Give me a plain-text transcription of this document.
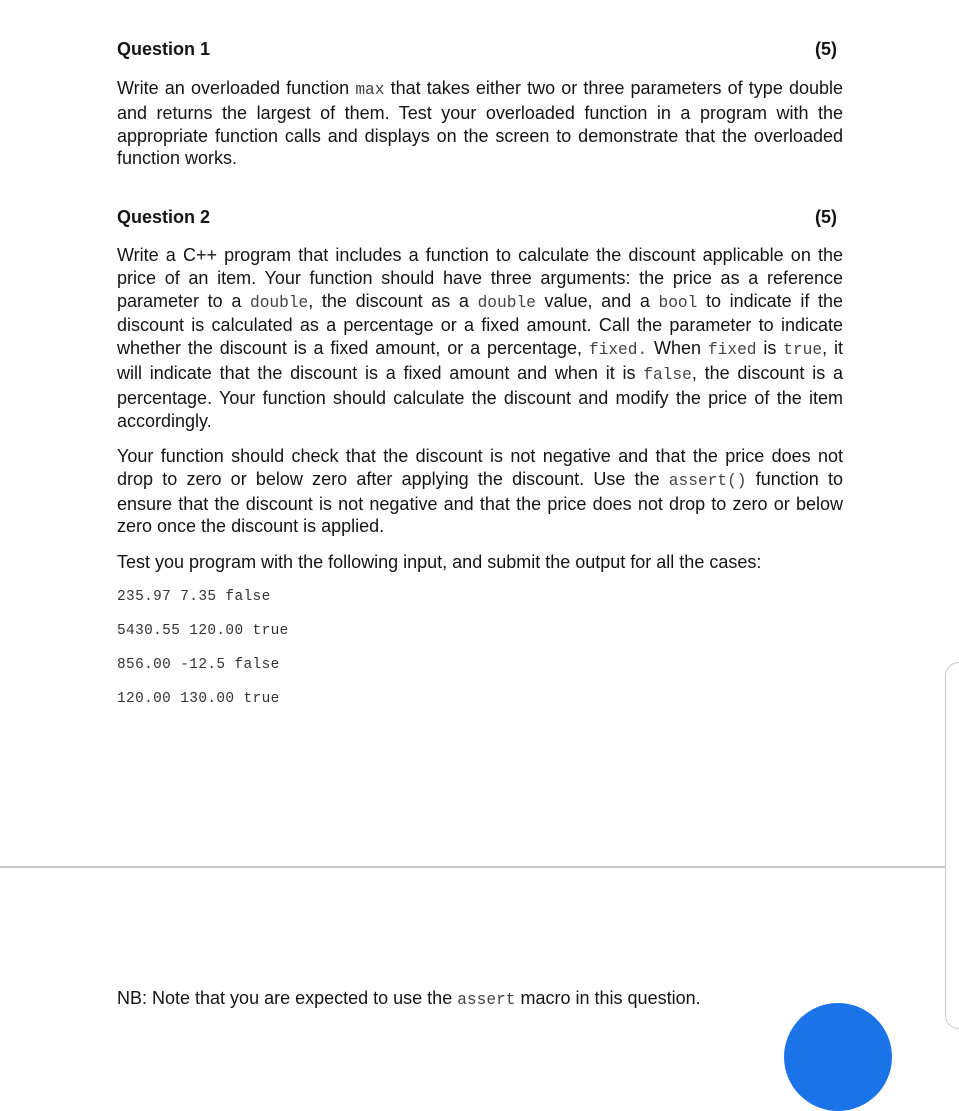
Question 1	(5)
Write an overloaded function max that takes either two or three parameters of type double and returns the largest of them. Test your overloaded function in a program with the appropriate function calls and displays on the screen to demonstrate that the overloaded function works.
Question 2	(5)
Write a C++ program that includes a function to calculate the discount applicable on the price of an item. Your function should have three arguments: the price as a reference parameter to a double, the discount as a double value, and a bool to indicate if the discount is calculated as a percentage or a fixed amount. Call the parameter to indicate whether the discount is a fixed amount, or a percentage, fixed. When fixed is true, it will indicate that the discount is a fixed amount and when it is false, the discount is a percentage. Your function should calculate the discount and modify the price of the item accordingly.
Your function should check that the discount is not negative and that the price does not drop to zero or below zero after applying the discount. Use the assert() function to ensure that the discount is not negative and that the price does not drop to zero or below zero once the discount is applied.
Test you program with the following input, and submit the output for all the cases:
235.97 7.35 false
5430.55 120.00 true
856.00 -12.5 false
120.00 130.00 true
NB: Note that you are expected to use the assert macro in this question.
